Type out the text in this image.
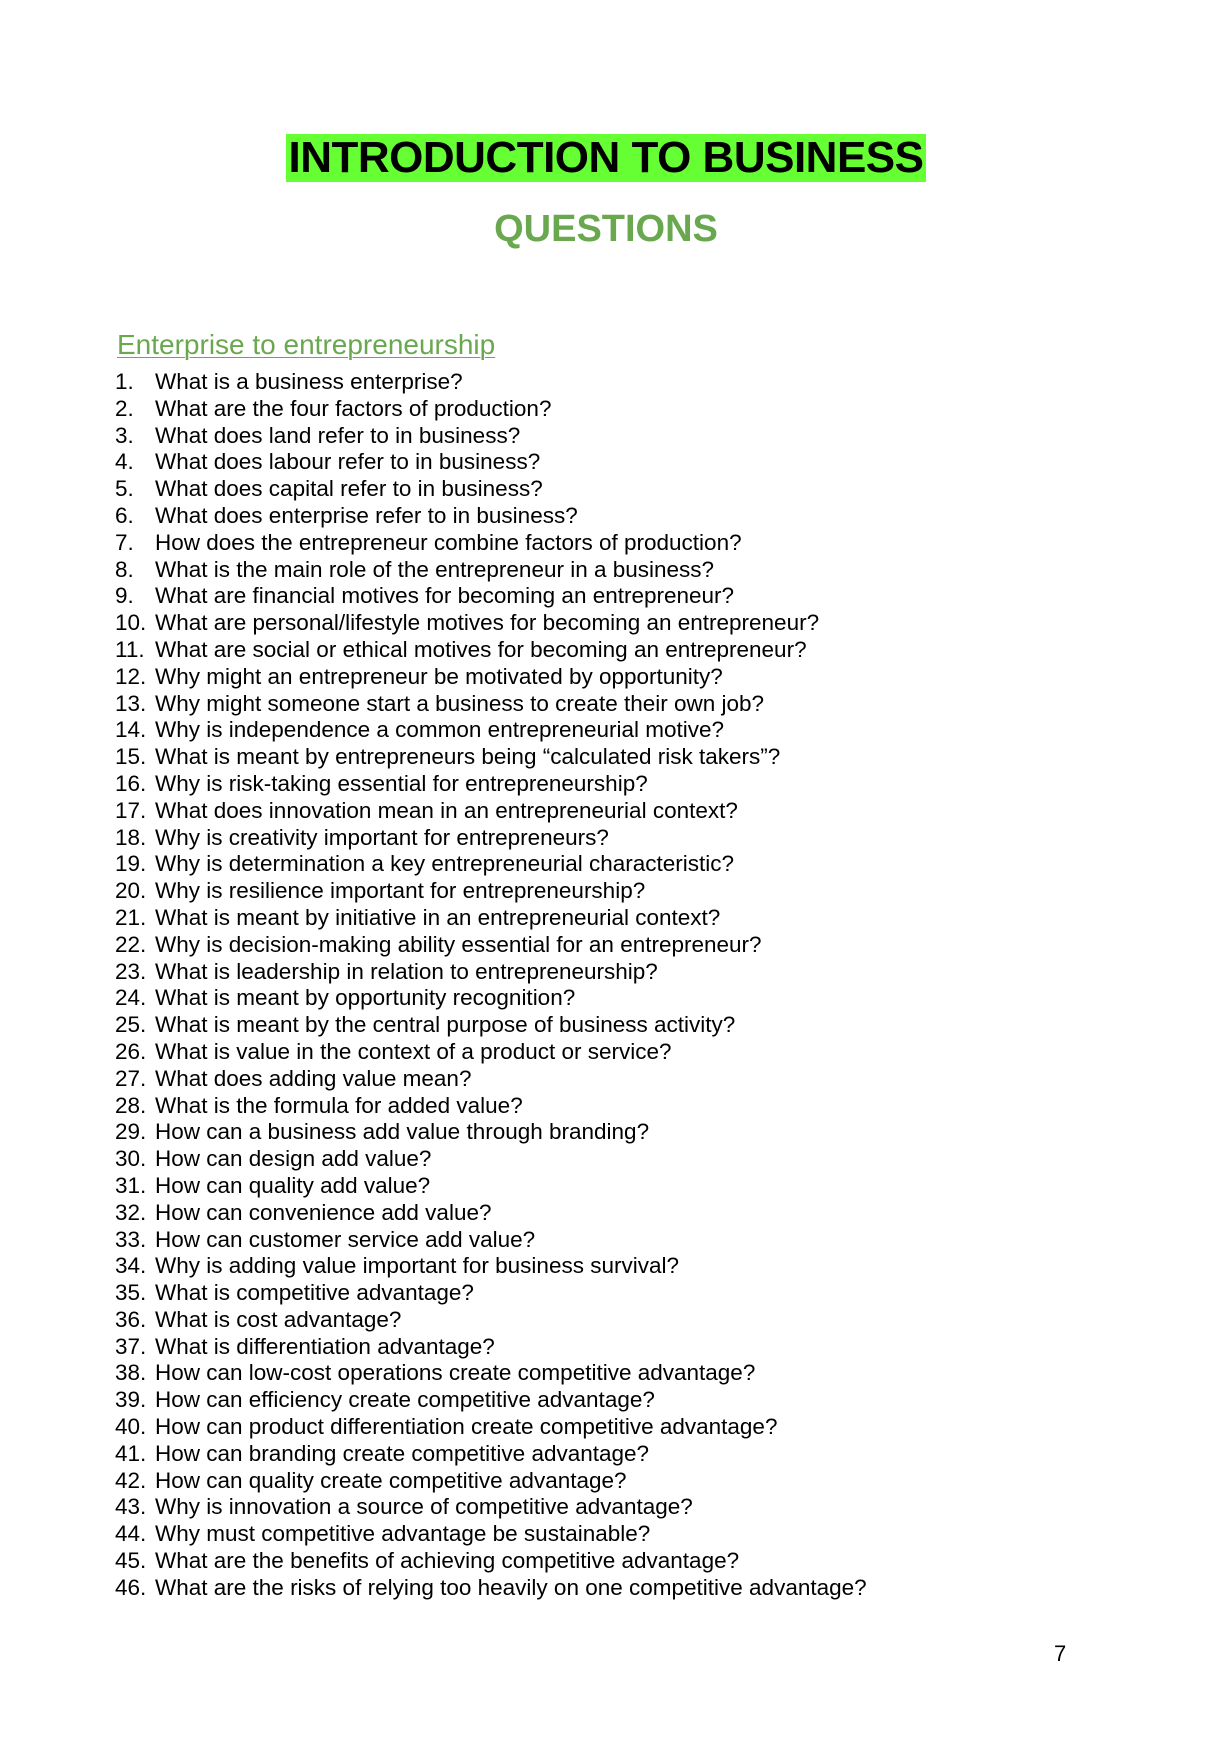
INTRODUCTION TO BUSINESS
QUESTIONS
Enterprise to entrepreneurship
1. What is a business enterprise?
2. What are the four factors of production?
3. What does land refer to in business?
4. What does labour refer to in business?
5. What does capital refer to in business?
6. What does enterprise refer to in business?
7. How does the entrepreneur combine factors of production?
8. What is the main role of the entrepreneur in a business?
9. What are financial motives for becoming an entrepreneur?
10. What are personal/lifestyle motives for becoming an entrepreneur?
11. What are social or ethical motives for becoming an entrepreneur?
12. Why might an entrepreneur be motivated by opportunity?
13. Why might someone start a business to create their own job?
14. Why is independence a common entrepreneurial motive?
15. What is meant by entrepreneurs being “calculated risk takers”?
16. Why is risk-taking essential for entrepreneurship?
17. What does innovation mean in an entrepreneurial context?
18. Why is creativity important for entrepreneurs?
19. Why is determination a key entrepreneurial characteristic?
20. Why is resilience important for entrepreneurship?
21. What is meant by initiative in an entrepreneurial context?
22. Why is decision-making ability essential for an entrepreneur?
23. What is leadership in relation to entrepreneurship?
24. What is meant by opportunity recognition?
25. What is meant by the central purpose of business activity?
26. What is value in the context of a product or service?
27. What does adding value mean?
28. What is the formula for added value?
29. How can a business add value through branding?
30. How can design add value?
31. How can quality add value?
32. How can convenience add value?
33. How can customer service add value?
34. Why is adding value important for business survival?
35. What is competitive advantage?
36. What is cost advantage?
37. What is differentiation advantage?
38. How can low-cost operations create competitive advantage?
39. How can efficiency create competitive advantage?
40. How can product differentiation create competitive advantage?
41. How can branding create competitive advantage?
42. How can quality create competitive advantage?
43. Why is innovation a source of competitive advantage?
44. Why must competitive advantage be sustainable?
45. What are the benefits of achieving competitive advantage?
46. What are the risks of relying too heavily on one competitive advantage?
7
